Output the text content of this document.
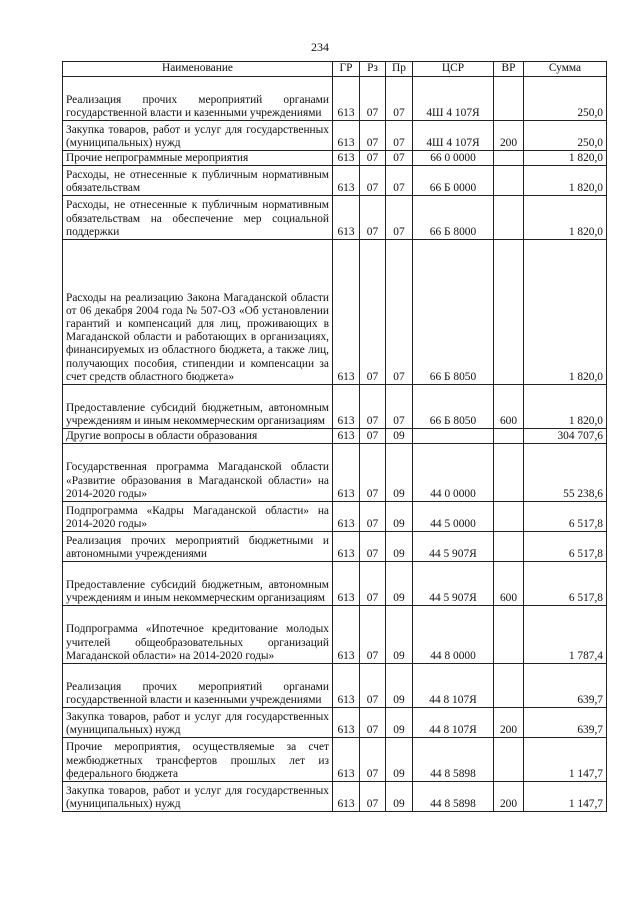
234
Наименование	ГР	Рз	Пр	ЦСР	ВР	Сумма
Реализация прочих мероприятий органами государственной власти и казенными учреждениями	613	07	07	4Ш 4 107Я		250,0
Закупка товаров, работ и услуг для государственных (муниципальных) нужд	613	07	07	4Ш 4 107Я	200	250,0
Прочие непрограммные мероприятия	613	07	07	66 0 0000		1 820,0
Расходы, не отнесенные к публичным нормативным обязательствам	613	07	07	66 Б 0000		1 820,0
Расходы, не отнесенные к публичным нормативным обязательствам на обеспечение мер социальной поддержки	613	07	07	66 Б 8000		1 820,0
Расходы на реализацию Закона Магаданской области от 06 декабря 2004 года № 507-ОЗ «Об установлении гарантий и компенсаций для лиц, проживающих в Магаданской области и работающих в организациях, финансируемых из областного бюджета, а также лиц, получающих пособия, стипендии и компенсации за счет средств областного бюджета»	613	07	07	66 Б 8050		1 820,0
Предоставление субсидий бюджетным, автономным учреждениям и иным некоммерческим организациям	613	07	07	66 Б 8050	600	1 820,0
Другие вопросы в области образования	613	07	09			304 707,6
Государственная программа Магаданской области «Развитие образования в Магаданской области» на 2014-2020 годы»	613	07	09	44 0 0000		55 238,6
Подпрограмма «Кадры Магаданской области» на 2014-2020 годы»	613	07	09	44 5 0000		6 517,8
Реализация прочих мероприятий бюджетными и автономными учреждениями	613	07	09	44 5 907Я		6 517,8
Предоставление субсидий бюджетным, автономным учреждениям и иным некоммерческим организациям	613	07	09	44 5 907Я	600	6 517,8
Подпрограмма «Ипотечное кредитование молодых учителей общеобразовательных организаций Магаданской области» на 2014-2020 годы»	613	07	09	44 8 0000		1 787,4
Реализация прочих мероприятий органами государственной власти и казенными учреждениями	613	07	09	44 8 107Я		639,7
Закупка товаров, работ и услуг для государственных (муниципальных) нужд	613	07	09	44 8 107Я	200	639,7
Прочие мероприятия, осуществляемые за счет межбюджетных трансфертов прошлых лет из федерального бюджета	613	07	09	44 8 5898		1 147,7
Закупка товаров, работ и услуг для государственных (муниципальных) нужд	613	07	09	44 8 5898	200	1 147,7
